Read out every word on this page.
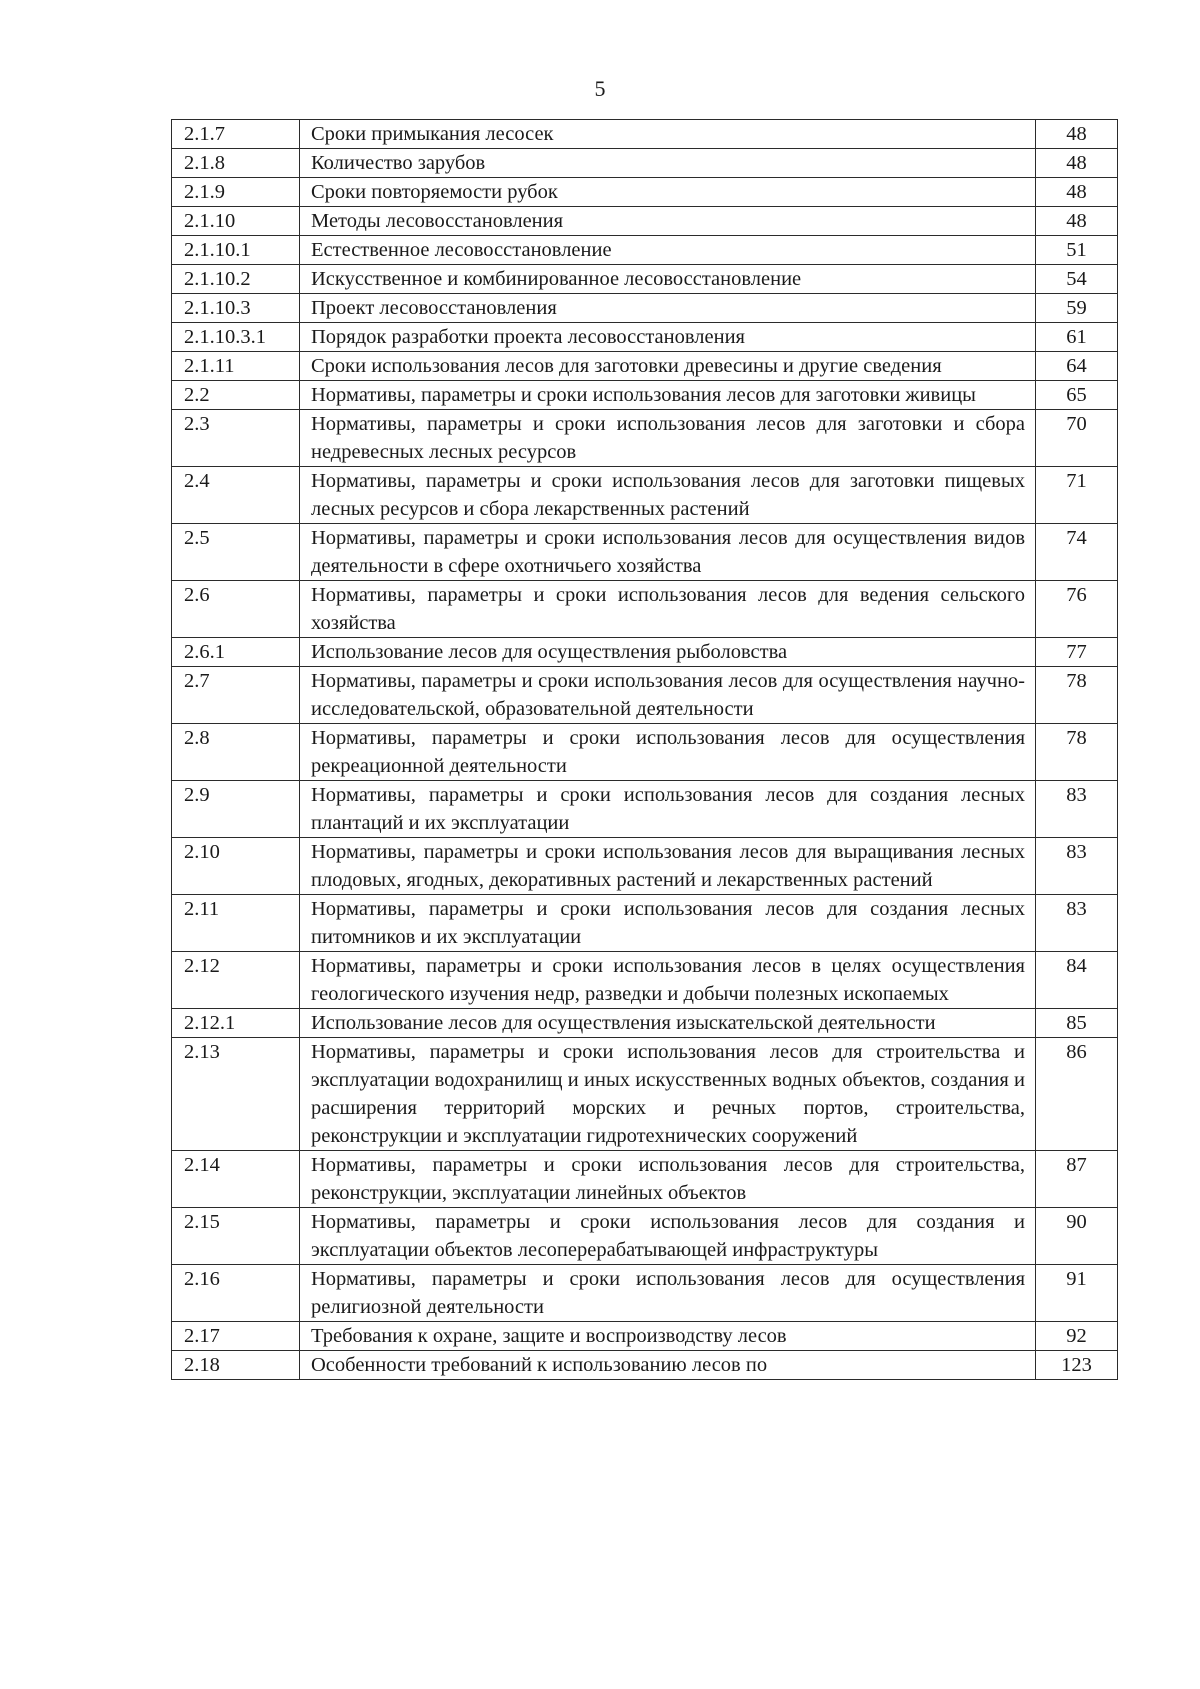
5
2.1.7	Сроки примыкания лесосек	48
2.1.8	Количество зарубов	48
2.1.9	Сроки повторяемости рубок	48
2.1.10	Методы лесовосстановления	48
2.1.10.1	Естественное лесовосстановление	51
2.1.10.2	Искусственное и комбинированное лесовосстановление	54
2.1.10.3	Проект лесовосстановления	59
2.1.10.3.1	Порядок разработки проекта лесовосстановления	61
2.1.11	Сроки использования лесов для заготовки древесины и другие сведения	64
2.2	Нормативы, параметры и сроки использования лесов для заготовки живицы	65
2.3	Нормативы, параметры и сроки использования лесов для заготовки и сбора недревесных лесных ресурсов	70
2.4	Нормативы, параметры и сроки использования лесов для заготовки пищевых лесных ресурсов и сбора лекарственных растений	71
2.5	Нормативы, параметры и сроки использования лесов для осуществления видов деятельности в сфере охотничьего хозяйства	74
2.6	Нормативы, параметры и сроки использования лесов для ведения сельского хозяйства	76
2.6.1	Использование лесов для осуществления рыболовства	77
2.7	Нормативы, параметры и сроки использования лесов для осуществления научно-исследовательской, образовательной деятельности	78
2.8	Нормативы, параметры и сроки использования лесов для осуществления рекреационной деятельности	78
2.9	Нормативы, параметры и сроки использования лесов для создания лесных плантаций и их эксплуатации	83
2.10	Нормативы, параметры и сроки использования лесов для выращивания лесных плодовых, ягодных, декоративных растений и лекарственных растений	83
2.11	Нормативы, параметры и сроки использования лесов для создания лесных питомников и их эксплуатации	83
2.12	Нормативы, параметры и сроки использования лесов в целях осуществления геологического изучения недр, разведки и добычи полезных ископаемых	84
2.12.1	Использование лесов для осуществления изыскательской деятельности	85
2.13	Нормативы, параметры и сроки использования лесов для строительства и эксплуатации водохранилищ и иных искусственных водных объектов, создания и расширения территорий морских и речных портов, строительства, реконструкции и эксплуатации гидротехнических сооружений	86
2.14	Нормативы, параметры и сроки использования лесов для строительства, реконструкции, эксплуатации линейных объектов	87
2.15	Нормативы, параметры и сроки использования лесов для создания и эксплуатации объектов лесоперерабатывающей инфраструктуры	90
2.16	Нормативы, параметры и сроки использования лесов для осуществления религиозной деятельности	91
2.17	Требования к охране, защите и воспроизводству лесов	92
2.18	Особенности требований к использованию лесов по	123
